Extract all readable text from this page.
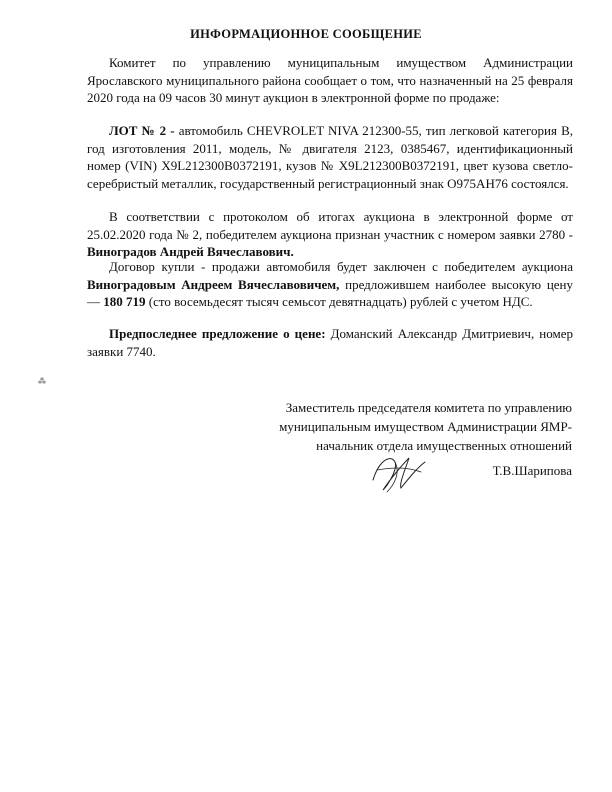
ИНФОРМАЦИОННОЕ СООБЩЕНИЕ

Комитет по управлению муниципальным имуществом Администрации Ярославского муниципального района сообщает о том, что назначенный на 25 февраля 2020 года на 09 часов 30 минут аукцион в электронной форме по продаже:

ЛОТ № 2 - автомобиль CHEVROLET NIVA 212300-55, тип легковой категория B, год изготовления 2011, модель, № двигателя 2123, 0385467, идентификационный номер (VIN) X9L212300B0372191, кузов № X9L212300B0372191, цвет кузова светло-серебристый металлик, государственный регистрационный знак О975АН76 состоялся.

В соответствии с протоколом об итогах аукциона в электронной форме от 25.02.2020 года № 2, победителем аукциона признан участник с номером заявки 2780 - Виноградов Андрей Вячеславович.

Договор купли - продажи автомобиля будет заключен с победителем аукциона Виноградовым Андреем Вячеславовичем, предложившем наиболее высокую цену — 180 719 (сто восемьдесят тысяч семьсот девятнадцать) рублей с учетом НДС.

Предпоследнее предложение о цене: Доманский Александр Дмитриевич, номер заявки 7740.

⁂
Заместитель председателя комитета по управлению
муниципальным имуществом Администрации ЯМР-
начальник отдела имущественных отношений
Т.В.Шарипова
